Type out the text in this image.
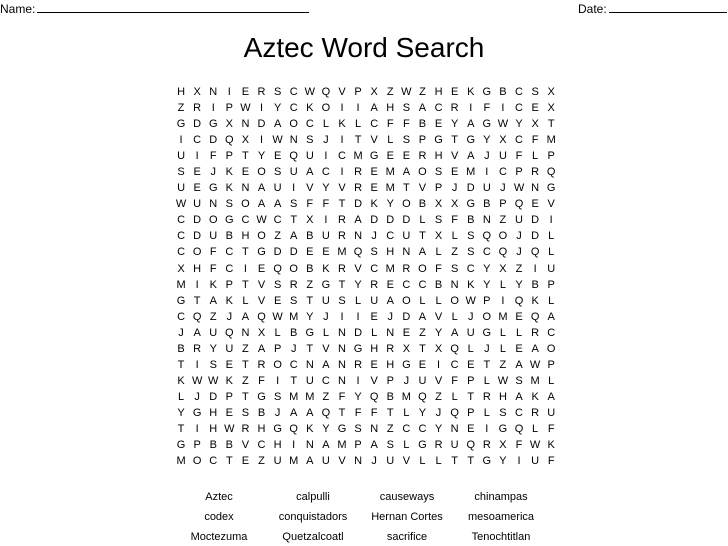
Name:	Date:
Aztec Word Search
H X N I E R S C W Q V P X Z W Z H E K G B C S X
Z R I P W I Y C K O I I A H S A C R I F I C E X
G D G X N D A O C L K L C F F B E Y A G W Y X T
I C D Q X I W N S J I T V L S P G T G Y X C F M
U I F P T Y E Q U I C M G E E R H V A J U F L P
S E J K E O S U A C I R E M A O S E M I C P R Q
U E G K N A U I V Y V R E M T V P J D U J W N G
W U N S O A A S F F T D K Y O B X X G B P Q E V
C D O G C W C T X I R A D D D L S F B N Z U D I
C D U B H O Z A B U R N J C U T X L S Q O J D L
C O F C T G D D E E M Q S H N A L Z S C Q J Q L
X H F C I E Q O B K R V C M R O F S C Y X Z I U
M I K P T V S R Z G T Y R E C C B N K Y L Y B P
G T A K L V E S T U S L U A O L L O W P I Q K L
C Q Z J A Q W M Y J I I E J D A V L J O M E Q A
J A U Q N X L B G L N D L N E Z Y A U G L L R C
B R Y U Z A P J T V N G H R X T X Q L J L E A O
T I S E T R O C N A N R E H G E I C E T Z A W P
K W W K Z F I T U C N I V P J U V F P L W S M L
L J D P T G S M M Z F Y Q B M Q Z L T R H A K A
Y G H E S B J A A Q T F F T L Y J Q P L S C R U
T I H W R H G Q K Y G S N Z C C Y N E I G Q L F
G P B B V C H I N A M P A S L G R U Q R X F W K
M O C T E Z U M A U V N J U V L L T T G Y I U F
Aztec	calpulli	causeways	chinampas
codex	conquistadors	Hernan Cortes	mesoamerica
Moctezuma	Quetzalcoatl	sacrifice	Tenochtitlan
